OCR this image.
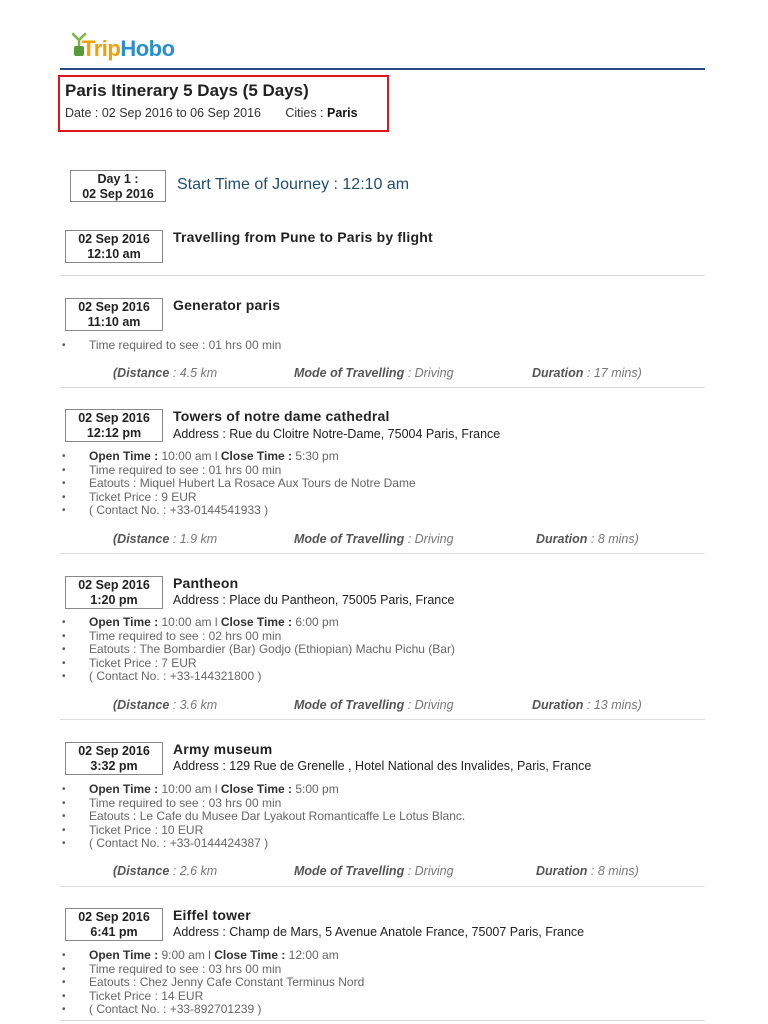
TripHobo
Paris Itinerary 5 Days (5 Days)
Date : 02 Sep 2016 to 06 Sep 2016 Cities : Paris
Day 1 :
02 Sep 2016
Start Time of Journey : 12:10 am
02 Sep 2016
12:10 am
Travelling from Pune to Paris by flight
02 Sep 2016
11:10 am
Generator paris
• Time required to see : 01 hrs 00 min
(Distance : 4.5 km	Mode of Travelling : Driving	Duration : 17 mins)
02 Sep 2016
12:12 pm
Towers of notre dame cathedral
Address : Rue du Cloitre Notre-Dame, 75004 Paris, France
• Open Time : 10:00 am l Close Time : 5:30 pm
• Time required to see : 01 hrs 00 min
• Eatouts : Miquel Hubert La Rosace Aux Tours de Notre Dame
• Ticket Price : 9 EUR
• ( Contact No. : +33-0144541933 )
(Distance : 1.9 km	Mode of Travelling : Driving	Duration : 8 mins)
02 Sep 2016
1:20 pm
Pantheon
Address : Place du Pantheon, 75005 Paris, France
• Open Time : 10:00 am l Close Time : 6:00 pm
• Time required to see : 02 hrs 00 min
• Eatouts : The Bombardier (Bar) Godjo (Ethiopian) Machu Pichu (Bar)
• Ticket Price : 7 EUR
• ( Contact No. : +33-144321800 )
(Distance : 3.6 km	Mode of Travelling : Driving	Duration : 13 mins)
02 Sep 2016
3:32 pm
Army museum
Address : 129 Rue de Grenelle , Hotel National des Invalides, Paris, France
• Open Time : 10:00 am l Close Time : 5:00 pm
• Time required to see : 03 hrs 00 min
• Eatouts : Le Cafe du Musee Dar Lyakout Romanticaffe Le Lotus Blanc.
• Ticket Price : 10 EUR
• ( Contact No. : +33-0144424387 )
(Distance : 2.6 km	Mode of Travelling : Driving	Duration : 8 mins)
02 Sep 2016
6:41 pm
Eiffel tower
Address : Champ de Mars, 5 Avenue Anatole France, 75007 Paris, France
• Open Time : 9:00 am l Close Time : 12:00 am
• Time required to see : 03 hrs 00 min
• Eatouts : Chez Jenny Cafe Constant Terminus Nord
• Ticket Price : 14 EUR
• ( Contact No. : +33-892701239 )
